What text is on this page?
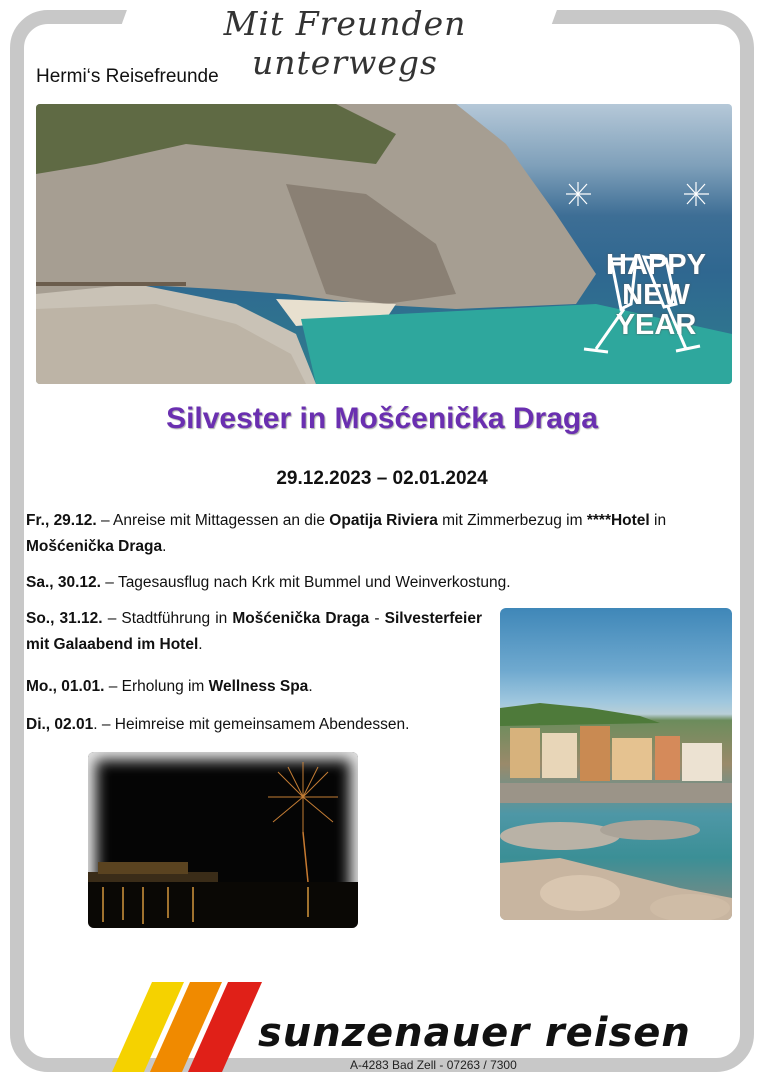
Mit Freunden unterwegs
Hermi‘s Reisefreunde
HAPPY
NEW
YEAR
Silvester in Mošćenička Draga
29.12.2023 – 02.01.2024
Fr., 29.12. – Anreise mit Mittagessen an die Opatija Riviera mit Zimmerbezug im ****Hotel in Mošćenička Draga.
Sa., 30.12. – Tagesausflug nach Krk mit Bummel und Weinverkostung.
So., 31.12. – Stadtführung in Mošćenička Draga - Silvesterfeier mit Galaabend im Hotel.
Mo., 01.01. – Erholung im Wellness Spa.
Di., 02.01. – Heimreise mit gemeinsamem Abendessen.
sunzenauer reisen
A-4283 Bad Zell - 07263 / 7300
